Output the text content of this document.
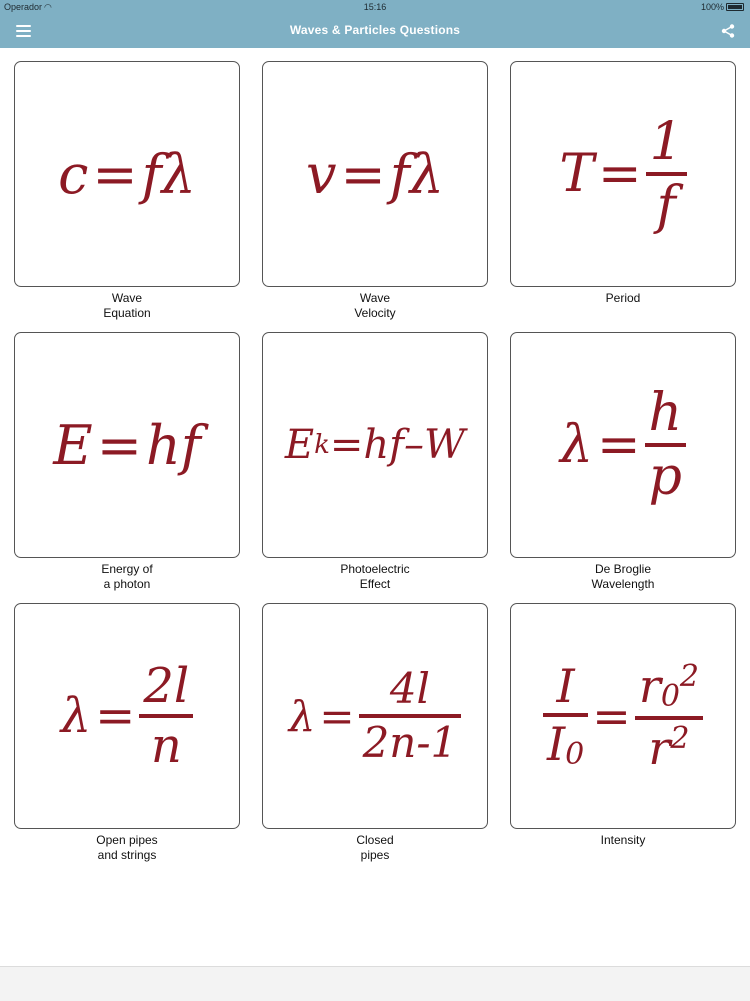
Operador ◠	15:16	100%
Waves & Particles Questions
c = fλ
Wave
Equation
v = fλ
Wave
Velocity
$T = \frac{1}{f}$
Period
E = hf
Energy of
a photon
E k =hf–W
Photoelectric
Effect
$\lambda = \frac{h}{p}$
De Broglie
Wavelength
$\lambda = \frac{2l}{n}$
Open pipes
and strings
$\lambda = \frac{4l}{2n-1}$
Closed
pipes
$\frac{I}{I0} = \frac{r0^2}{r^2}$
Intensity
